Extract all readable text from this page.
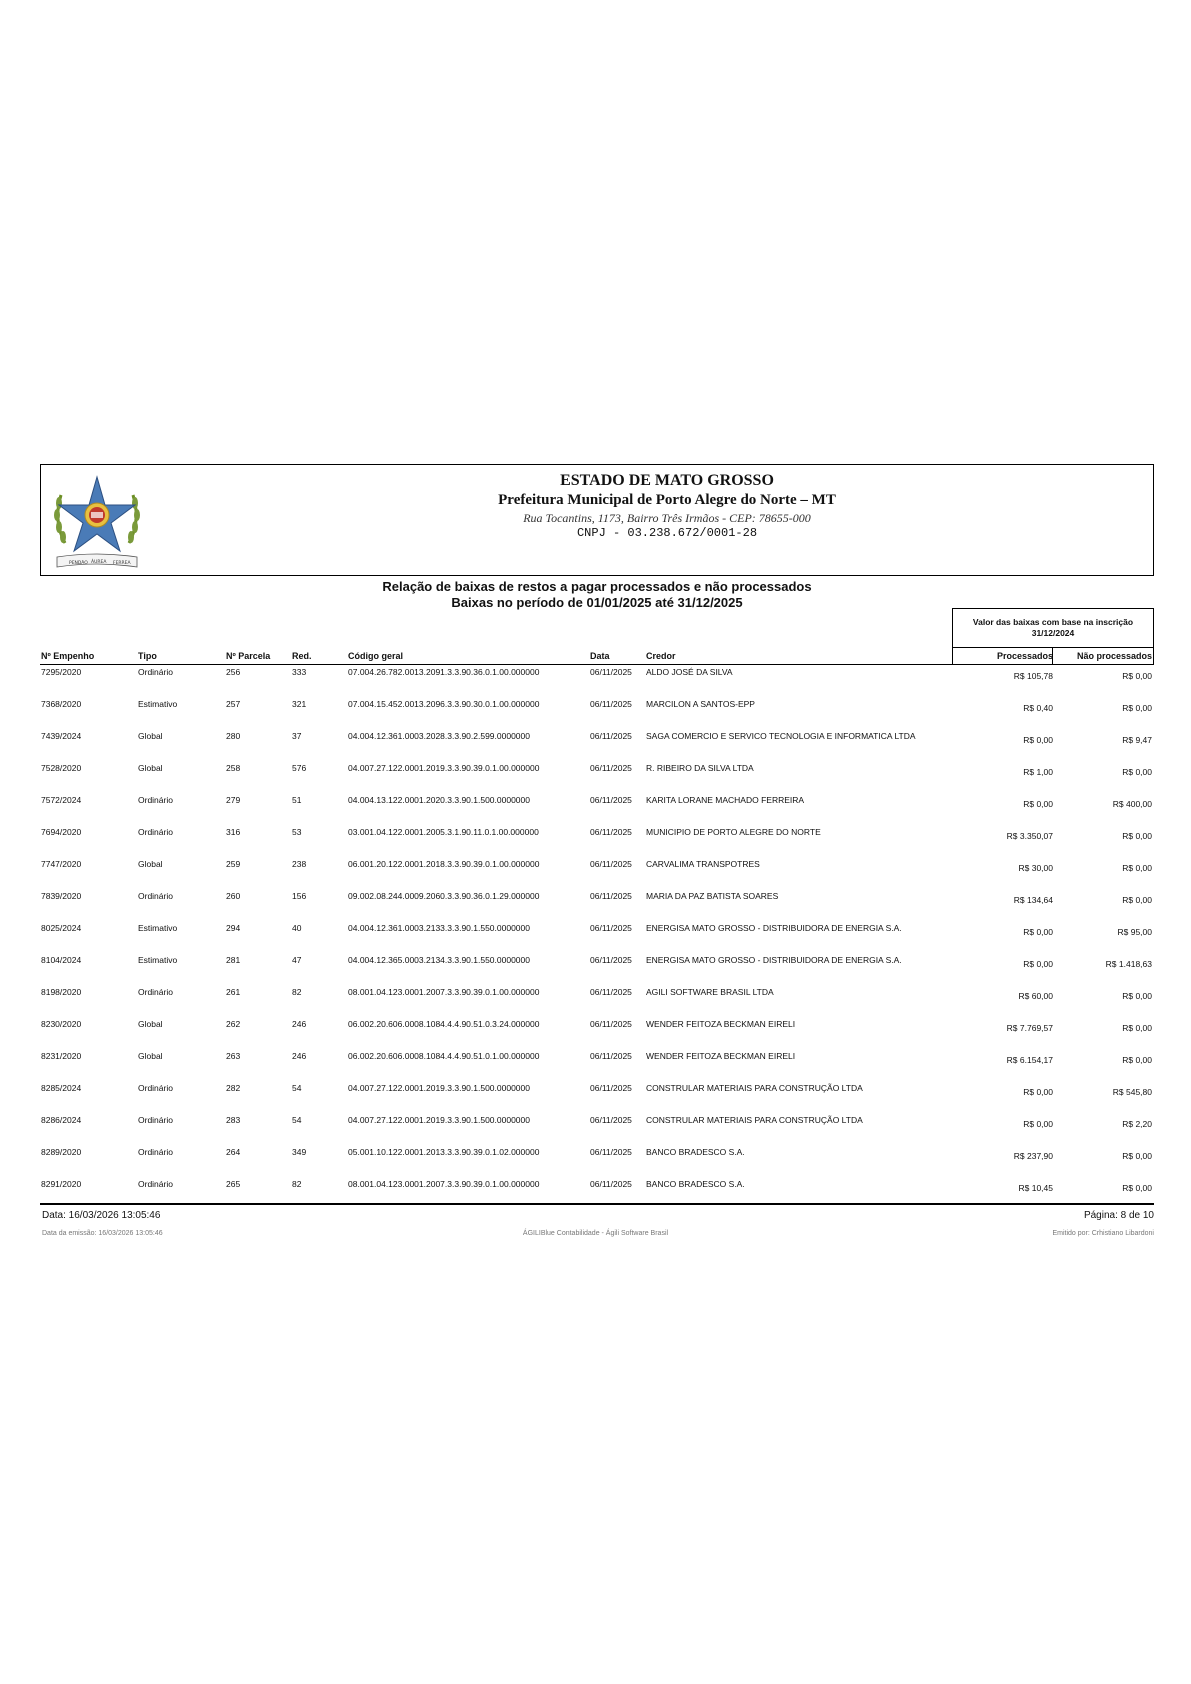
PENDÃO ÁUREA FERREA
ESTADO DE MATO GROSSO
Prefeitura Municipal de Porto Alegre do Norte – MT
Rua Tocantins, 1173, Bairro Três Irmãos - CEP: 78655-000
CNPJ - 03.238.672/0001-28
Relação de baixas de restos a pagar processados e não processados
Baixas no período de 01/01/2025 até 31/12/2025
Valor das baixas com base na inscrição
31/12/2024
Nº Empenho	Tipo	Nº Parcela Red.	Código geral	Data	Credor	Processados	Não processados
7295/2020	Ordinário	256	333	07.004.26.782.0013.2091.3.3.90.36.0.1.00.000000	06/11/2025 ALDO JOSÉ DA SILVA	R$ 105,78	R$ 0,00
7368/2020	Estimativo	257	321	07.004.15.452.0013.2096.3.3.90.30.0.1.00.000000	06/11/2025 MARCILON A SANTOS-EPP	R$ 0,40	R$ 0,00
7439/2024	Global	280	37	04.004.12.361.0003.2028.3.3.90.2.599.0000000	06/11/2025 SAGA COMERCIO E SERVICO TECNOLOGIA E INFORMATICA LTDA	R$ 0,00	R$ 9,47
7528/2020	Global	258	576	04.007.27.122.0001.2019.3.3.90.39.0.1.00.000000	06/11/2025 R. RIBEIRO DA SILVA LTDA	R$ 1,00	R$ 0,00
7572/2024	Ordinário	279	51	04.004.13.122.0001.2020.3.3.90.1.500.0000000	06/11/2025 KARITA LORANE MACHADO FERREIRA	R$ 0,00	R$ 400,00
7694/2020	Ordinário	316	53	03.001.04.122.0001.2005.3.1.90.11.0.1.00.000000	06/11/2025 MUNICIPIO DE PORTO ALEGRE DO NORTE	R$ 3.350,07	R$ 0,00
7747/2020	Global	259	238	06.001.20.122.0001.2018.3.3.90.39.0.1.00.000000	06/11/2025 CARVALIMA TRANSPOTRES	R$ 30,00	R$ 0,00
7839/2020	Ordinário	260	156	09.002.08.244.0009.2060.3.3.90.36.0.1.29.000000	06/11/2025 MARIA DA PAZ BATISTA SOARES	R$ 134,64	R$ 0,00
8025/2024	Estimativo	294	40	04.004.12.361.0003.2133.3.3.90.1.550.0000000	06/11/2025 ENERGISA MATO GROSSO - DISTRIBUIDORA DE ENERGIA S.A.	R$ 0,00	R$ 95,00
8104/2024	Estimativo	281	47	04.004.12.365.0003.2134.3.3.90.1.550.0000000	06/11/2025 ENERGISA MATO GROSSO - DISTRIBUIDORA DE ENERGIA S.A.	R$ 0,00	R$ 1.418,63
8198/2020	Ordinário	261	82	08.001.04.123.0001.2007.3.3.90.39.0.1.00.000000	06/11/2025 AGILI SOFTWARE BRASIL LTDA	R$ 60,00	R$ 0,00
8230/2020	Global	262	246	06.002.20.606.0008.1084.4.4.90.51.0.3.24.000000	06/11/2025 WENDER FEITOZA BECKMAN EIRELI	R$ 7.769,57	R$ 0,00
8231/2020	Global	263	246	06.002.20.606.0008.1084.4.4.90.51.0.1.00.000000	06/11/2025 WENDER FEITOZA BECKMAN EIRELI	R$ 6.154,17	R$ 0,00
8285/2024	Ordinário	282	54	04.007.27.122.0001.2019.3.3.90.1.500.0000000	06/11/2025 CONSTRULAR MATERIAIS PARA CONSTRUÇÃO LTDA	R$ 0,00	R$ 545,80
8286/2024	Ordinário	283	54	04.007.27.122.0001.2019.3.3.90.1.500.0000000	06/11/2025 CONSTRULAR MATERIAIS PARA CONSTRUÇÃO LTDA	R$ 0,00	R$ 2,20
8289/2020	Ordinário	264	349	05.001.10.122.0001.2013.3.3.90.39.0.1.02.000000	06/11/2025 BANCO BRADESCO S.A.	R$ 237,90	R$ 0,00
8291/2020	Ordinário	265	82	08.001.04.123.0001.2007.3.3.90.39.0.1.00.000000	06/11/2025 BANCO BRADESCO S.A.	R$ 10,45	R$ 0,00
Data: 16/03/2026 13:05:46	Página: 8 de 10
Data da emissão: 16/03/2026 13:05:46	ÁGILIBlue Contabilidade - Ágili Software Brasil	Emitido por: Crhistiano Libardoni
